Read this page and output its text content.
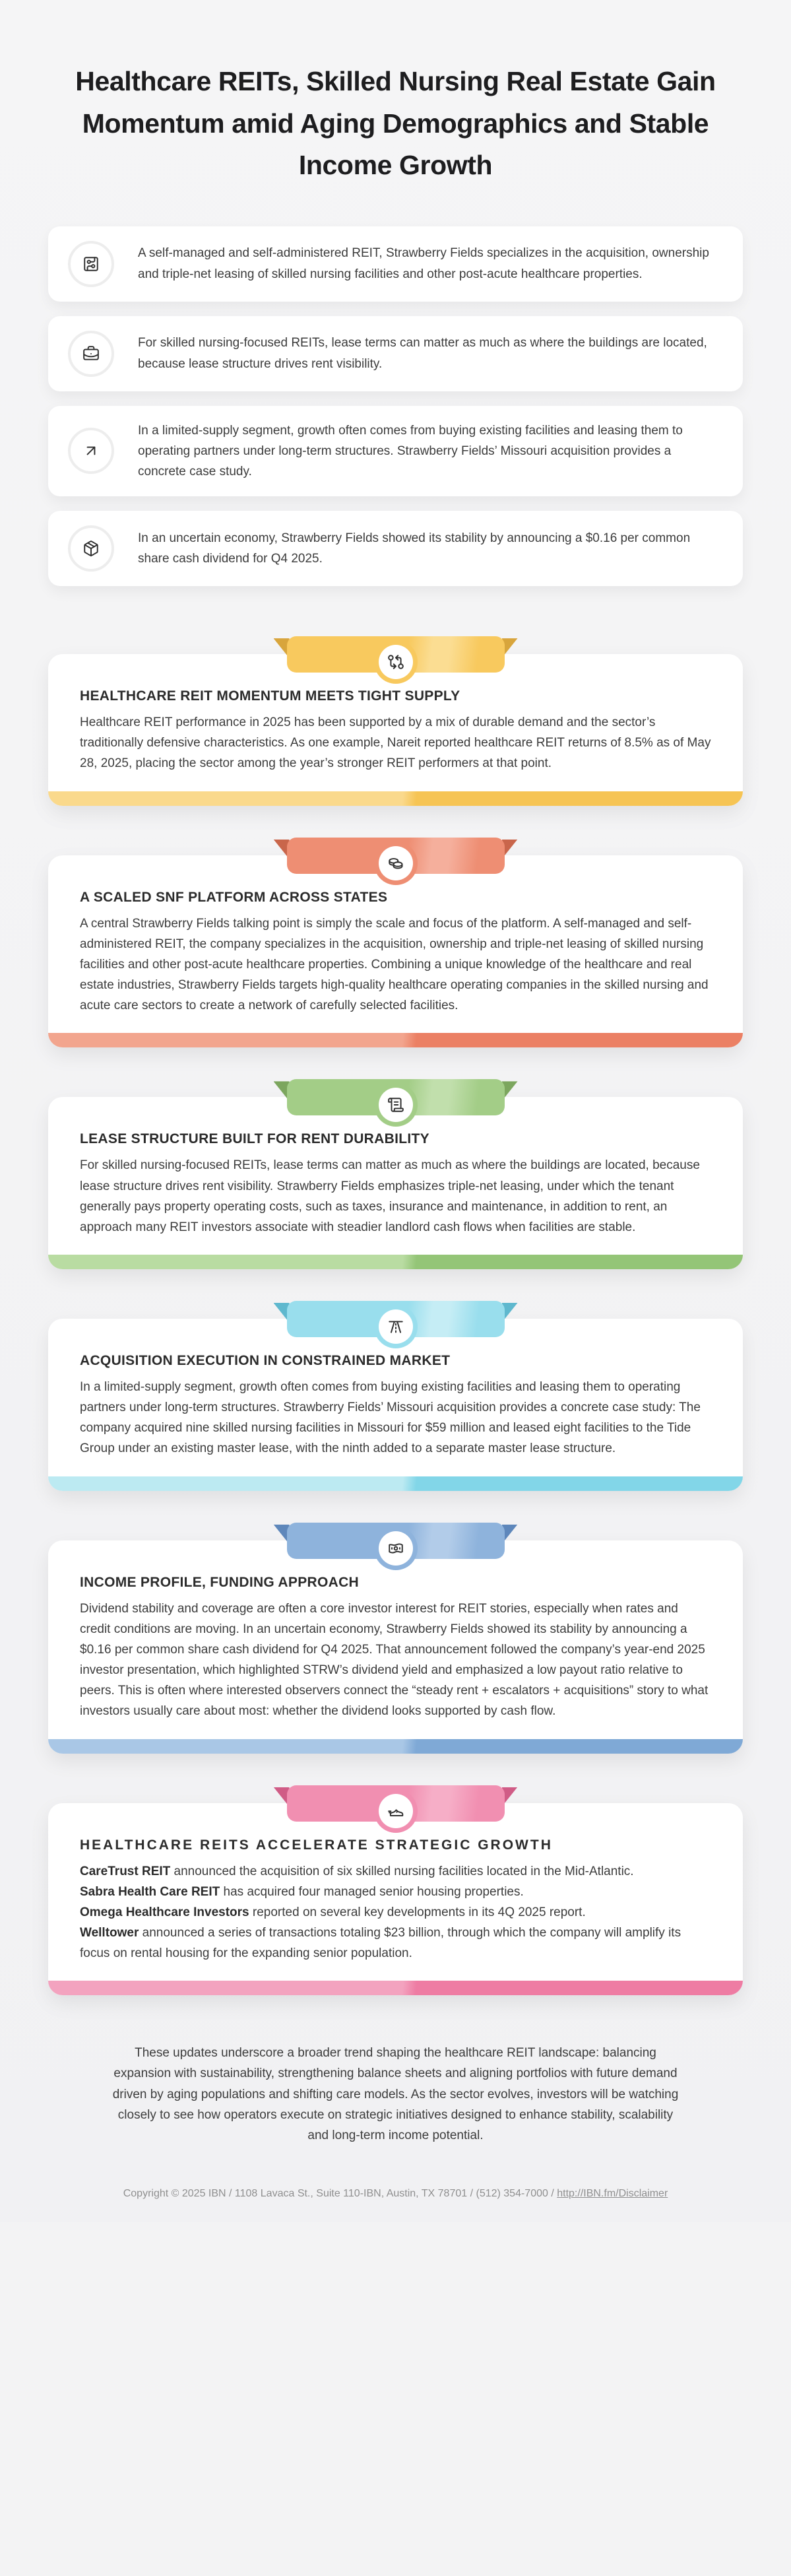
Healthcare REITs, Skilled Nursing Real Estate Gain Momentum amid Aging Demographics and Stable Income Growth

A self-managed and self-administered REIT, Strawberry Fields specializes in the acquisition, ownership and triple-net leasing of skilled nursing facilities and other post-acute healthcare properties.

For skilled nursing-focused REITs, lease terms can matter as much as where the buildings are located, because lease structure drives rent visibility.

In a limited-supply segment, growth often comes from buying existing facilities and leasing them to operating partners under long-term structures. Strawberry Fields’ Missouri acquisition provides a concrete case study.

In an uncertain economy, Strawberry Fields showed its stability by announcing a $0.16 per common share cash dividend for Q4 2025.

HEALTHCARE REIT MOMENTUM MEETS TIGHT SUPPLY

Healthcare REIT performance in 2025 has been supported by a mix of durable demand and the sector’s traditionally defensive characteristics. As one example, Nareit reported healthcare REIT returns of 8.5% as of May 28, 2025, placing the sector among the year’s stronger REIT performers at that point.

A SCALED SNF PLATFORM ACROSS STATES

A central Strawberry Fields talking point is simply the scale and focus of the platform. A self-managed and self-administered REIT, the company specializes in the acquisition, ownership and triple-net leasing of skilled nursing facilities and other post-acute healthcare properties. Combining a unique knowledge of the healthcare and real estate industries, Strawberry Fields targets high-quality healthcare operating companies in the skilled nursing and acute care sectors to create a network of carefully selected facilities.

LEASE STRUCTURE BUILT FOR RENT DURABILITY

For skilled nursing-focused REITs, lease terms can matter as much as where the buildings are located, because lease structure drives rent visibility. Strawberry Fields emphasizes triple-net leasing, under which the tenant generally pays property operating costs, such as taxes, insurance and maintenance, in addition to rent, an approach many REIT investors associate with steadier landlord cash flows when facilities are stable.

ACQUISITION EXECUTION IN CONSTRAINED MARKET

In a limited-supply segment, growth often comes from buying existing facilities and leasing them to operating partners under long-term structures. Strawberry Fields’ Missouri acquisition provides a concrete case study: The company acquired nine skilled nursing facilities in Missouri for $59 million and leased eight facilities to the Tide Group under an existing master lease, with the ninth added to a separate master lease structure.

INCOME PROFILE, FUNDING APPROACH

Dividend stability and coverage are often a core investor interest for REIT stories, especially when rates and credit conditions are moving. In an uncertain economy, Strawberry Fields showed its stability by announcing a $0.16 per common share cash dividend for Q4 2025. That announcement followed the company’s year-end 2025 investor presentation, which highlighted STRW’s dividend yield and emphasized a low payout ratio relative to peers. This is often where interested observers connect the “steady rent + escalators + acquisitions” story to what investors usually care about most: whether the dividend looks supported by cash flow.

HEALTHCARE REITS ACCELERATE STRATEGIC GROWTH

CareTrust REIT announced the acquisition of six skilled nursing facilities located in the Mid-Atlantic.

Sabra Health Care REIT has acquired four managed senior housing properties.

Omega Healthcare Investors reported on several key developments in its 4Q 2025 report.

Welltower announced a series of transactions totaling $23 billion, through which the company will amplify its focus on rental housing for the expanding senior population.

These updates underscore a broader trend shaping the healthcare REIT landscape: balancing expansion with sustainability, strengthening balance sheets and aligning portfolios with future demand driven by aging populations and shifting care models. As the sector evolves, investors will be watching closely to see how operators execute on strategic initiatives designed to enhance stability, scalability and long-term income potential.

Copyright © 2025 IBN / 1108 Lavaca St., Suite 110-IBN, Austin, TX 78701 / (512) 354-7000 / http://IBN.fm/Disclaimer
